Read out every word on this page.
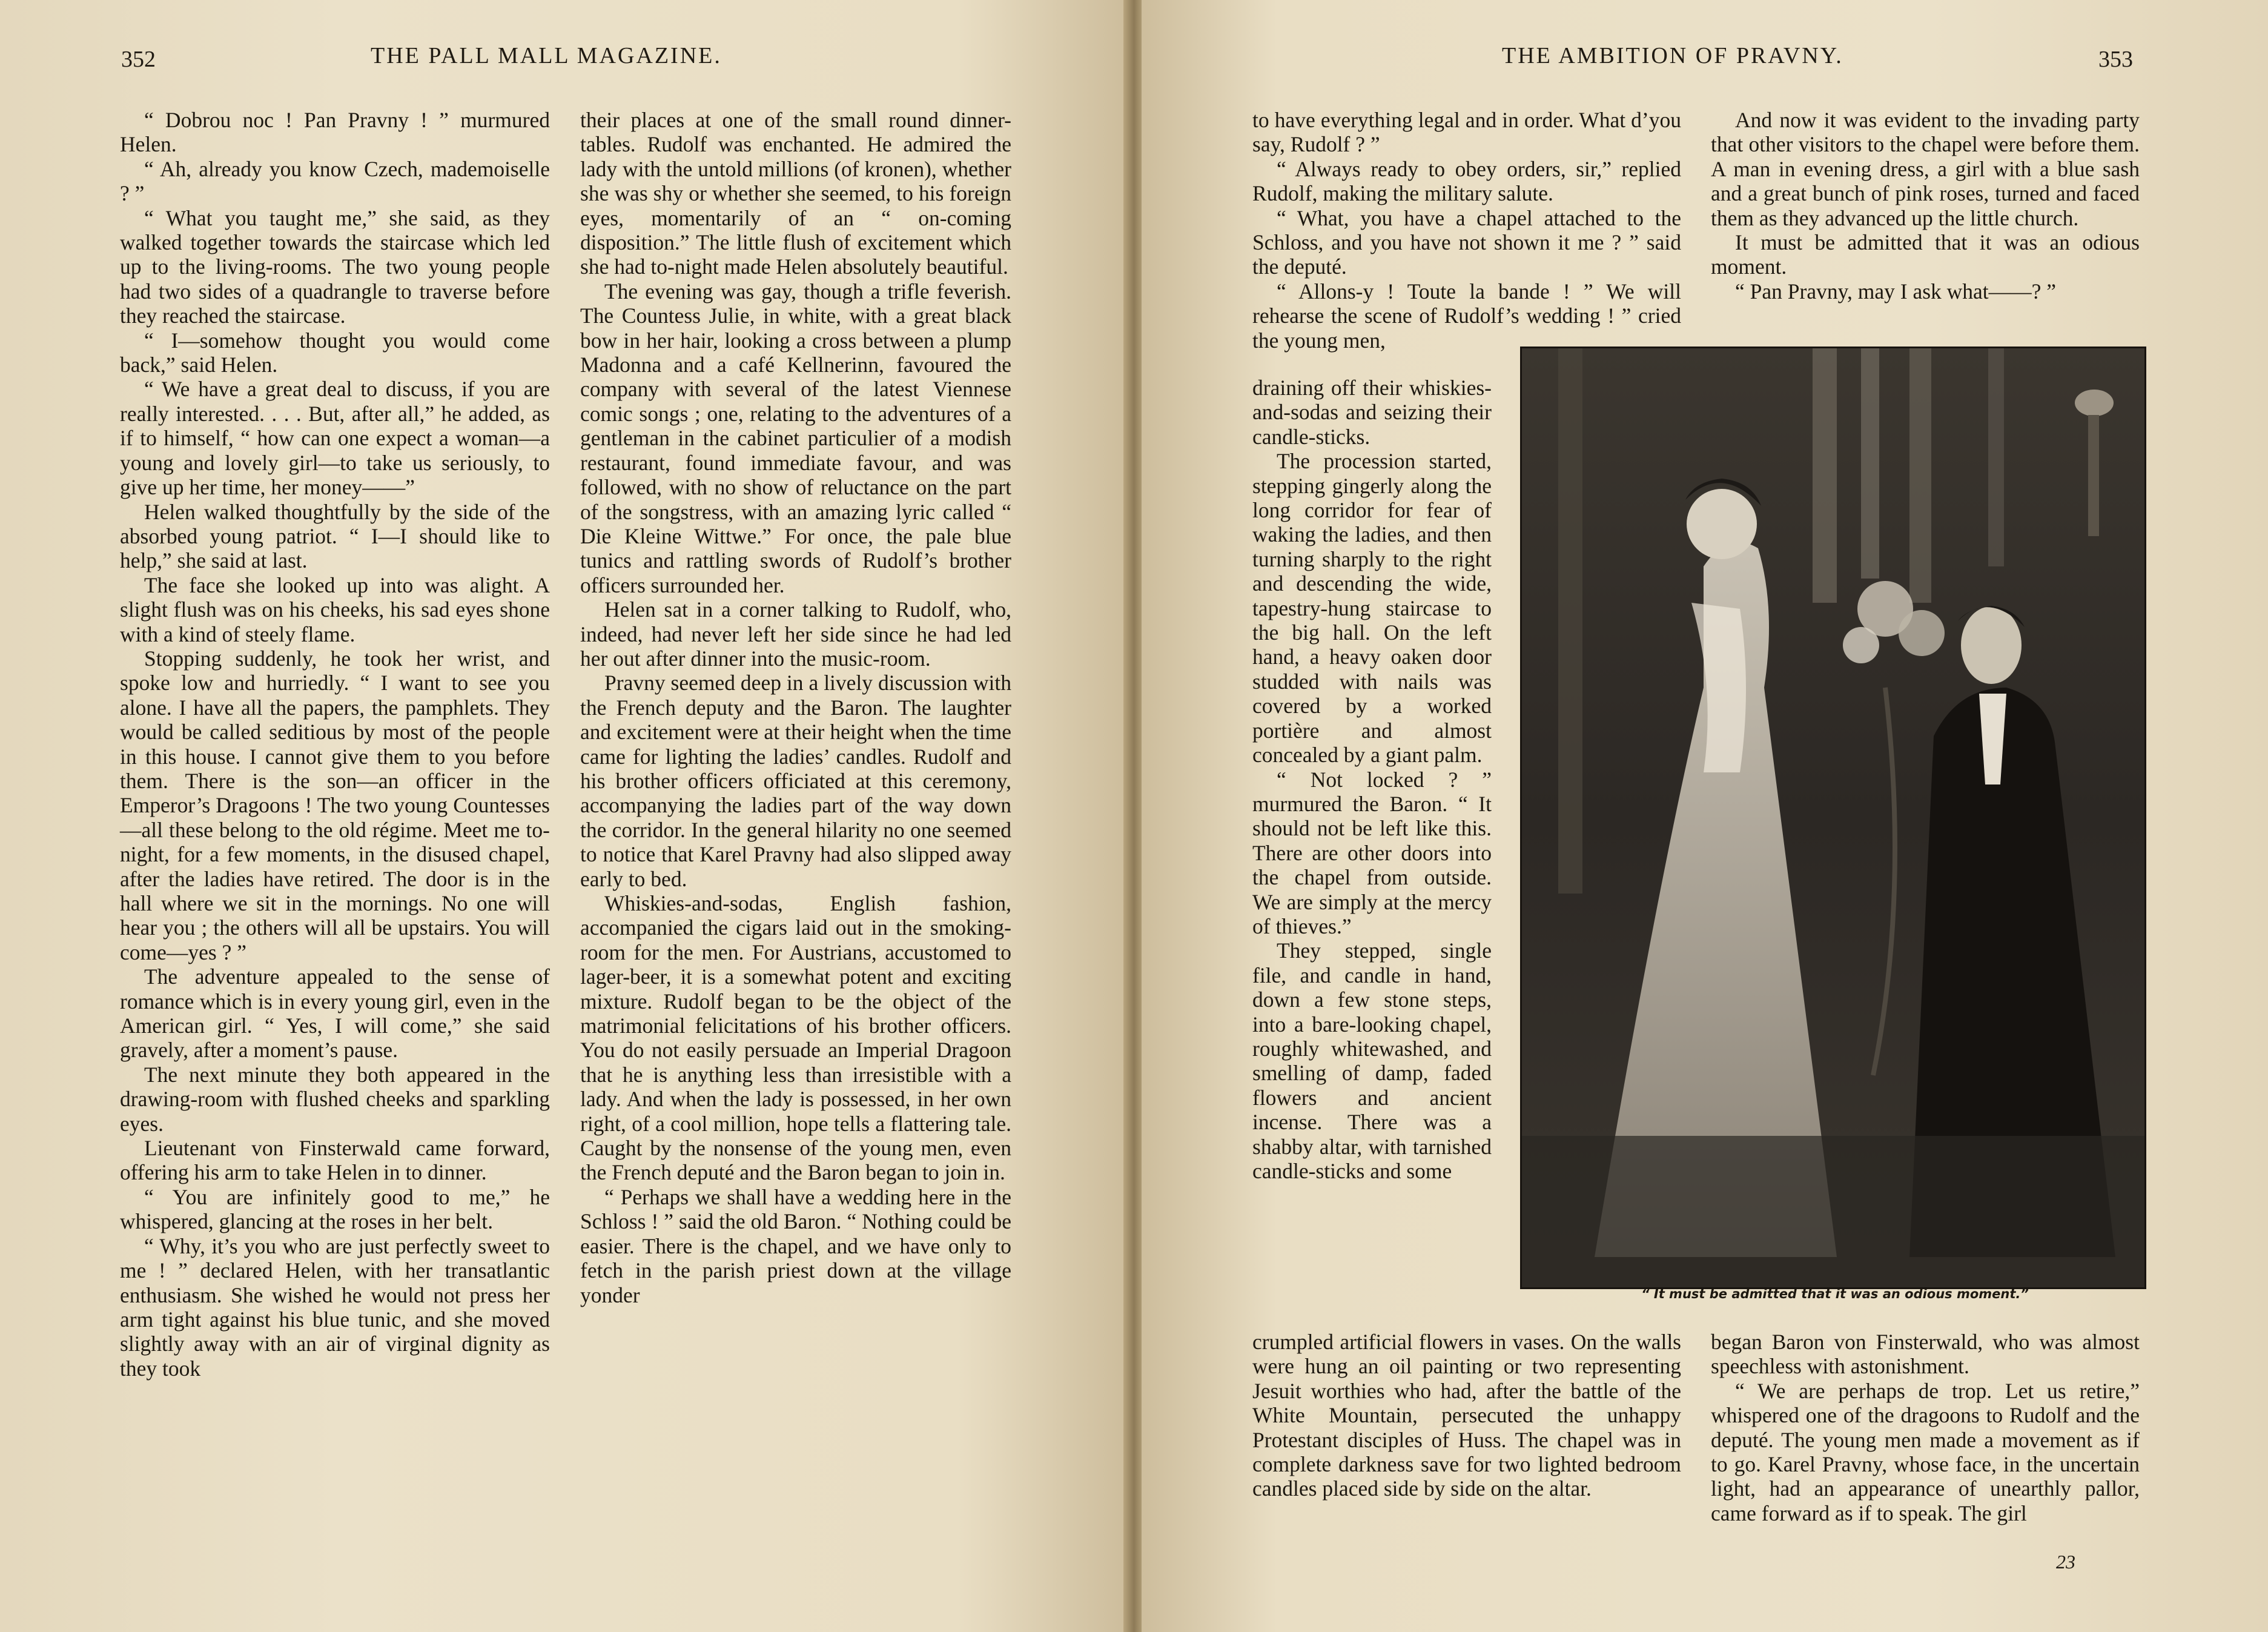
352	THE PALL MALL MAGAZINE.

“ Dobrou noc ! Pan Pravny ! ” murmured Helen.

“ Ah, already you know Czech, mademoiselle ? ”

“ What you taught me,” she said, as they walked together towards the staircase which led up to the living-rooms. The two young people had two sides of a quadrangle to traverse before they reached the staircase.

“ I—somehow thought you would come back,” said Helen.

“ We have a great deal to discuss, if you are really interested. . . . But, after all,” he added, as if to himself, “ how can one expect a woman—a young and lovely girl—to take us seriously, to give up her time, her money——”

Helen walked thoughtfully by the side of the absorbed young patriot. “ I—I should like to help,” she said at last.

The face she looked up into was alight. A slight flush was on his cheeks, his sad eyes shone with a kind of steely flame.

Stopping suddenly, he took her wrist, and spoke low and hurriedly. “ I want to see you alone. I have all the papers, the pamphlets. They would be called seditious by most of the people in this house. I cannot give them to you before them. There is the son—an officer in the Emperor’s Dragoons ! The two young Countesses—all these belong to the old régime. Meet me to-night, for a few moments, in the disused chapel, after the ladies have retired. The door is in the hall where we sit in the mornings. No one will hear you ; the others will all be upstairs. You will come—yes ? ”

The adventure appealed to the sense of romance which is in every young girl, even in the American girl. “ Yes, I will come,” she said gravely, after a moment’s pause.

The next minute they both appeared in the drawing-room with flushed cheeks and sparkling eyes.

Lieutenant von Finsterwald came forward, offering his arm to take Helen in to dinner.

“ You are infinitely good to me,” he whispered, glancing at the roses in her belt.

“ Why, it’s you who are just perfectly sweet to me ! ” declared Helen, with her transatlantic enthusiasm. She wished he would not press her arm tight against his blue tunic, and she moved slightly away with an air of virginal dignity as they took

their places at one of the small round dinner-tables. Rudolf was enchanted. He admired the lady with the untold millions (of kronen), whether she was shy or whether she seemed, to his foreign eyes, momentarily of an “ on-coming disposition.” The little flush of excitement which she had to-night made Helen absolutely beautiful.

The evening was gay, though a trifle feverish. The Countess Julie, in white, with a great black bow in her hair, looking a cross between a plump Madonna and a café Kellnerinn, favoured the company with several of the latest Viennese comic songs ; one, relating to the adventures of a gentleman in the cabinet particulier of a modish restaurant, found immediate favour, and was followed, with no show of reluctance on the part of the songstress, with an amazing lyric called “ Die Kleine Wittwe.” For once, the pale blue tunics and rattling swords of Rudolf’s brother officers surrounded her.

Helen sat in a corner talking to Rudolf, who, indeed, had never left her side since he had led her out after dinner into the music-room.

Pravny seemed deep in a lively discussion with the French deputy and the Baron. The laughter and excitement were at their height when the time came for lighting the ladies’ candles. Rudolf and his brother officers officiated at this ceremony, accompanying the ladies part of the way down the corridor. In the general hilarity no one seemed to notice that Karel Pravny had also slipped away early to bed.

Whiskies-and-sodas, English fashion, accompanied the cigars laid out in the smoking-room for the men. For Austrians, accustomed to lager-beer, it is a somewhat potent and exciting mixture. Rudolf began to be the object of the matrimonial felicitations of his brother officers. You do not easily persuade an Imperial Dragoon that he is anything less than irresistible with a lady. And when the lady is possessed, in her own right, of a cool million, hope tells a flattering tale. Caught by the nonsense of the young men, even the French deputé and the Baron began to join in.

“ Perhaps we shall have a wedding here in the Schloss ! ” said the old Baron. “ Nothing could be easier. There is the chapel, and we have only to fetch in the parish priest down at the village yonder

THE AMBITION OF PRAVNY.	353

to have everything legal and in order. What d’you say, Rudolf ? ”

“ Always ready to obey orders, sir,” replied Rudolf, making the military salute.

“ What, you have a chapel attached to the Schloss, and you have not shown it me ? ” said the deputé.

“ Allons-y ! Toute la bande ! ” We will rehearse the scene of Rudolf’s wedding ! ” cried the young men,

draining off their whiskies-and-sodas and seizing their candle-sticks.

The procession started, stepping gingerly along the long corridor for fear of waking the ladies, and then turning sharply to the right and descending the wide, tapestry-hung staircase to the big hall. On the left hand, a heavy oaken door studded with nails was covered by a worked portière and almost concealed by a giant palm.

“ Not locked ? ” murmured the Baron. “ It should not be left like this. There are other doors into the chapel from outside. We are simply at the mercy of thieves.”

They stepped, single file, and candle in hand, down a few stone steps, into a bare-looking chapel, roughly whitewashed, and smelling of damp, faded flowers and ancient incense. There was a shabby altar, with tarnished candle-sticks and some

crumpled artificial flowers in vases. On the walls were hung an oil painting or two representing Jesuit worthies who had, after the battle of the White Mountain, persecuted the unhappy Protestant disciples of Huss. The chapel was in complete darkness save for two lighted bedroom candles placed side by side on the altar.

And now it was evident to the invading party that other visitors to the chapel were before them. A man in evening dress, a girl with a blue sash and a great bunch of pink roses, turned and faced them as they advanced up the little church.

It must be admitted that it was an odious moment.

“ Pan Pravny, may I ask what——? ”

began Baron von Finsterwald, who was almost speechless with astonishment.

“ We are perhaps de trop. Let us retire,” whispered one of the dragoons to Rudolf and the deputé. The young men made a movement as if to go. Karel Pravny, whose face, in the uncertain light, had an appearance of unearthly pallor, came forward as if to speak. The girl

“ It must be admitted that it was an odious moment.”
23
